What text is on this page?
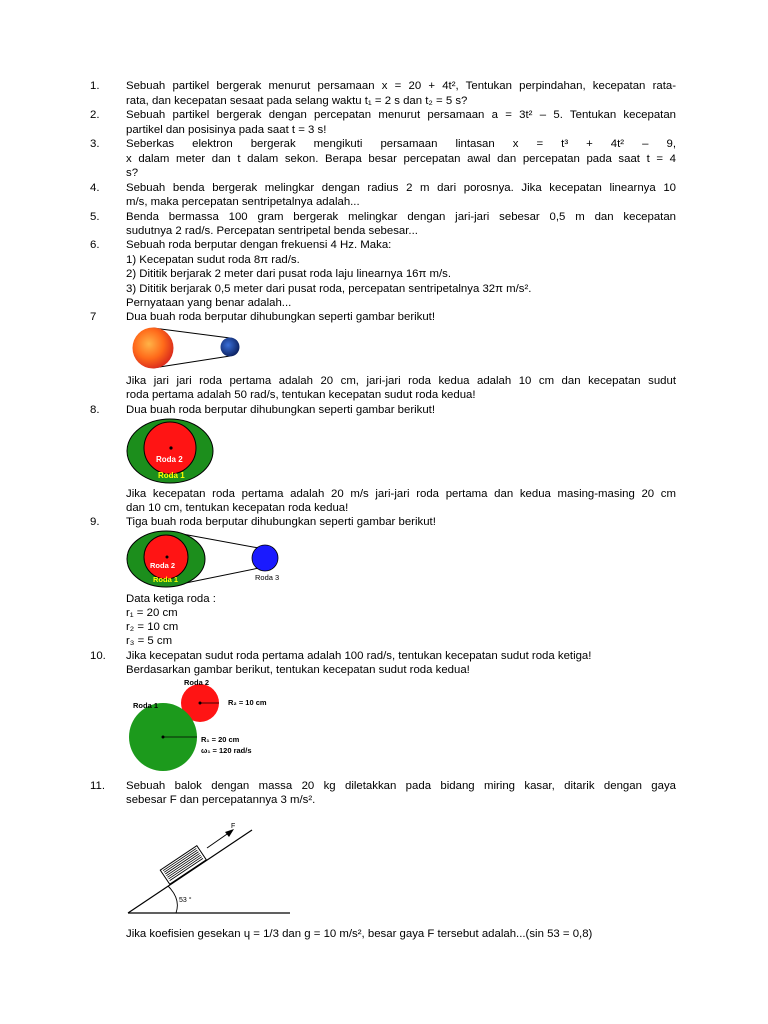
1.	Sebuah partikel bergerak menurut persamaan x = 20 + 4t², Tentukan perpindahan, kecepatan rata-
rata, dan kecepatan sesaat pada selang waktu t₁ = 2 s dan t₂ = 5 s?
2.	Sebuah partikel bergerak dengan percepatan menurut persamaan a = 3t² – 5. Tentukan kecepatan
partikel dan posisinya pada saat t = 3 s!
3.	Seberkas elektron bergerak mengikuti persamaan lintasan x = t³ + 4t² – 9,
x dalam meter dan t dalam sekon. Berapa besar percepatan awal dan percepatan pada saat t = 4
s?
4.	Sebuah benda bergerak melingkar dengan radius 2 m dari porosnya. Jika kecepatan linearnya 10
m/s, maka percepatan sentripetalnya adalah...
5.	Benda bermassa 100 gram bergerak melingkar dengan jari-jari sebesar 0,5 m dan kecepatan
sudutnya 2 rad/s. Percepatan sentripetal benda sebesar...
6.	Sebuah roda berputar dengan frekuensi 4 Hz. Maka:
1) Kecepatan sudut roda 8π rad/s.
2) Dititik berjarak 2 meter dari pusat roda laju linearnya 16π m/s.
3) Dititik berjarak 0,5 meter dari pusat roda, percepatan sentripetalnya 32π m/s².
Pernyataan yang benar adalah...
7	Dua buah roda berputar dihubungkan seperti gambar berikut!
Jika jari jari roda pertama adalah 20 cm, jari-jari roda kedua adalah 10 cm dan kecepatan sudut
roda pertama adalah 50 rad/s, tentukan kecepatan sudut roda kedua!
8.	Dua buah roda berputar dihubungkan seperti gambar berikut!
Roda 2
Roda 1
Jika kecepatan roda pertama adalah 20 m/s jari-jari roda pertama dan kedua masing-masing 20 cm
dan 10 cm, tentukan kecepatan roda kedua!
9.	Tiga buah roda berputar dihubungkan seperti gambar berikut!
Roda 2
Roda 1	Roda 3
Data ketiga roda :
r₁ = 20 cm
r₂ = 10 cm
r₃ = 5 cm
10.	Jika kecepatan sudut roda pertama adalah 100 rad/s, tentukan kecepatan sudut roda ketiga!
Berdasarkan gambar berikut, tentukan kecepatan sudut roda kedua!
Roda 2
Roda 1	R₂ = 10 cm
R₁ = 20 cm
ω₁ = 120 rad/s
11.	Sebuah balok dengan massa 20 kg diletakkan pada bidang miring kasar, ditarik dengan gaya
sebesar F dan percepatannya 3 m/s².
F
53 °
Jika koefisien gesekan ɥ = 1/3 dan g = 10 m/s², besar gaya F tersebut adalah...(sin 53 = 0,8)
